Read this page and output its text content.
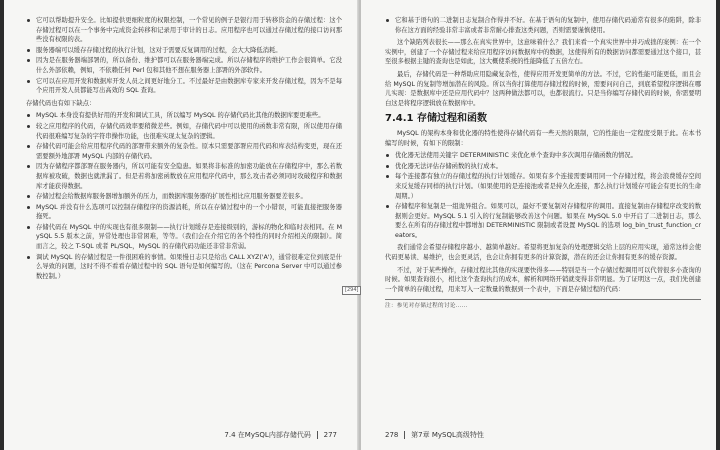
它可以帮助提升安全。比如提供更细粒度的权限控制，一个常见的例子是银行用于转移资金的存储过程：这个存储过程可以在一个事务中完成资金转移和记录用于审计的日志。应用程序也可以通过存储过程的接口访问那些没有权限的表。
服务器端可以缓存存储过程的执行计划，这对于需要反复调用的过程，会大大降低消耗。
因为是在服务器端部署的，所以备份、维护都可以在服务器端完成。所以存储程序的维护工作会很简单。它没什么外部依赖，例如，不依赖任何 Perl 包和其他不想在服务器上部署的外部软件。
它可以在应用开发和数据库开发人员之间更好地分工。不过最好是由数据库专家来开发存储过程，因为不是每个应用开发人员都能写出高效的 SQL 查询。

存储代码也有如下缺点：

MySQL 本身没有提供好用的开发和调试工具，所以编写 MySQL 的存储代码比其他的数据库要更难些。
较之应用程序的代码，存储代码效率要稍微差些。例如，存储代码中可以使用的函数非常有限，所以使用存储代码很难编写复杂的字符串操作功能，也很难实现太复杂的逻辑。
存储代码可能会给应用程序代码的部署带来额外的复杂性。原本只需要部署应用代码和库表结构变更，现在还需要额外地部署 MySQL 内部的存储代码。
因为存储程序都部署在服务器内，所以可能有安全隐患。如果将非标准的加密功能放在存储程序中，那么若数据库被攻破，数据也就泄漏了。但是若将加密函数放在应用程序代码中，那么攻击者必须同时攻破程序和数据库才能获得数据。
存储过程会给数据库服务器增加额外的压力，而数据库服务器的扩展性相比应用服务器要差很多。
MySQL 并没有什么选项可以控制存储程序的资源消耗，所以在存储过程中的一个小错误，可能直接把服务器拖死。
存储代码在 MySQL 中的实现也有很多限制——执行计划缓存是连接级别的，游标的物化和临时表相同。在 MySQL 5.5 版本之前，异常处理也非常困难，等等。（我们会在介绍它的各个特性的同时介绍相关的限制）。简而言之，较之 T-SQL 或者 PL/SQL，MySQL 的存储代码功能还非常非常弱。
调试 MySQL 的存储过程是一件很困难的事情。如果慢日志只是给出 CALL XYZ('A')，通常很难定位到底是什么导致的问题，这时不得不看看存储过程中的 SQL 语句是如何编写的。（这在 Percona Server 中可以通过参数控制。）
7.4 在MySQL内部存储代码 277
[294]
它和基于语句的二进制日志复制合作得并不好。在基于语句的复制中，使用存储代码通常有很多的陷阱，除非你在这方面的经验非常丰富或者非常耐心排查这类问题，否则需要谨慎使用。

这个缺陷列表很长——那么在真实世界中，这意味着什么？我们来看一个真实世界中并巧成拙的案例：在一个实例中，创建了一个存储过程来给应用程序访问数据库中的数据，这使得所有的数据访问都需要通过这个接口，甚至很多根据主键的查询也是如此，这大概使系统的性能降低了五倍左右。

最后，存储代码是一种帮助应用隐藏复杂性，使得应用开发更简单的方法。不过，它的性能可能更低，而且会给 MySQL 的复制等增加潜在的风险。所以当你打算使用存储过程的时候，需要问问自己，到底希望程序逻辑在哪儿实现：是数据库中还是应用代码中？这两种做法都可以，也都很流行。只是当你编写存储代码的时候，你需要明白这是将程序逻辑放在数据库中。

7.4.1 存储过程和函数

MySQL 的架构本身和优化器的特性使得存储代码有一些天然的限制，它的性能也一定程度受限于此。在本书编写的时候，有如下的限制：

优化器无法使用关键字 DETERMINISTIC 来优化单个查询中多次调用存储函数的情况。
优化器无法评估存储函数的执行成本。
每个连接都有独立的存储过程的执行计划缓存。如果有多个连接需要调用同一个存储过程，将会浪费缓存空间来反复缓存同样的执行计划。（如果使用的是连接池或者是持久化连接，那么执行计划缓存可能会有更长的生命周期。）
存储程序和复制是一组诡异组合。如果可以，最好不要复制对存储程序的调用。直接复制由存储程序改变的数据则会更好。MySQL 5.1 引入的行复制能够改善这个问题。如果在 MySQL 5.0 中开启了二进制日志，那么要么在所有的存储过程中都增加 DETERMINISTIC 限制或者设置 MySQL 的选项 log_bin_trust_function_creators。

我们通常会希望存储程序越小、越简单越好。希望将更加复杂的处理逻辑交给上层的应用实现，通常这样会使代码更易读、易维护，也会更灵活，也会让你拥有更多的计算资源，潜在的还会让你拥有更多的缓存资源。

不过，对于某些操作，存储过程比其他的实现要快得多——特别是当一个存储过程调用可以代替很多小查询的时候。如果查询很小，相比这个查询执行的成本，解析和网络开销就变得非常明显。为了证明这一点，我们先创建一个简单的存储过程，用来写入一定数量的数据到一个表中，下面是存储过程的代码：

注：参见对存储过程的讨论……
278 第7章 MySQL高级特性
